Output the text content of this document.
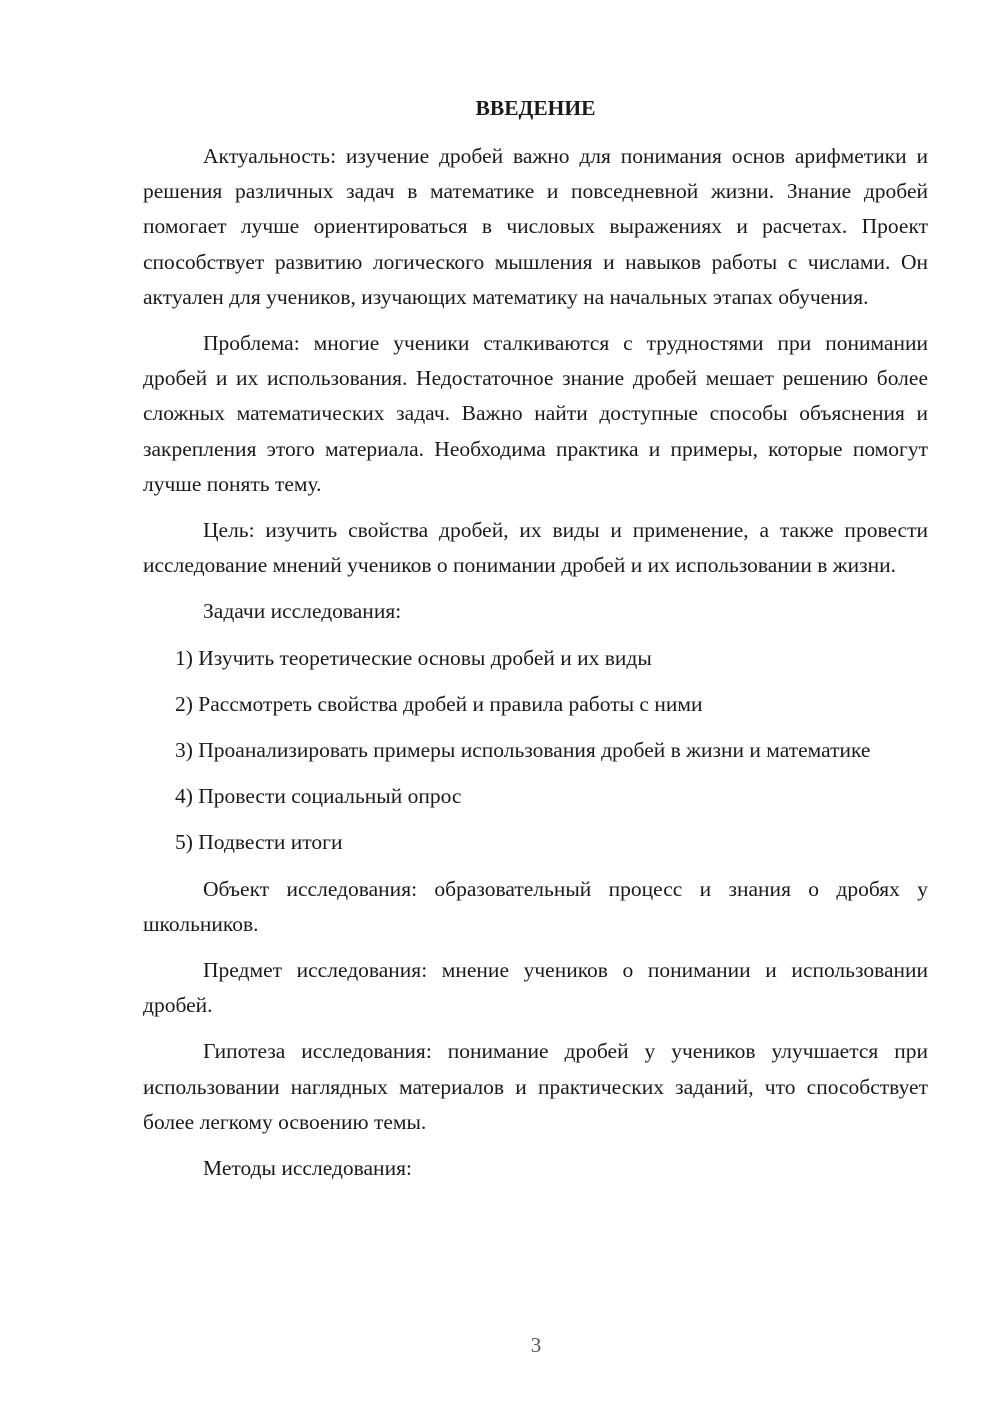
ВВЕДЕНИЕ

Актуальность: изучение дробей важно для понимания основ арифметики и решения различных задач в математике и повседневной жизни. Знание дробей помогает лучше ориентироваться в числовых выражениях и расчетах. Проект способствует развитию логического мышления и навыков работы с числами. Он актуален для учеников, изучающих математику на начальных этапах обучения.

Проблема: многие ученики сталкиваются с трудностями при понимании дробей и их использования. Недостаточное знание дробей мешает решению более сложных математических задач. Важно найти доступные способы объяснения и закрепления этого материала. Необходима практика и примеры, которые помогут лучше понять тему.

Цель: изучить свойства дробей, их виды и применение, а также провести исследование мнений учеников о понимании дробей и их использовании в жизни.

Задачи исследования:

1) Изучить теоретические основы дробей и их виды

2) Рассмотреть свойства дробей и правила работы с ними

3) Проанализировать примеры использования дробей в жизни и математике

4) Провести социальный опрос

5) Подвести итоги

Объект исследования: образовательный процесс и знания о дробях у школьников.

Предмет исследования: мнение учеников о понимании и использовании дробей.

Гипотеза исследования: понимание дробей у учеников улучшается при использовании наглядных материалов и практических заданий, что способствует более легкому освоению темы.

Методы исследования:

3
